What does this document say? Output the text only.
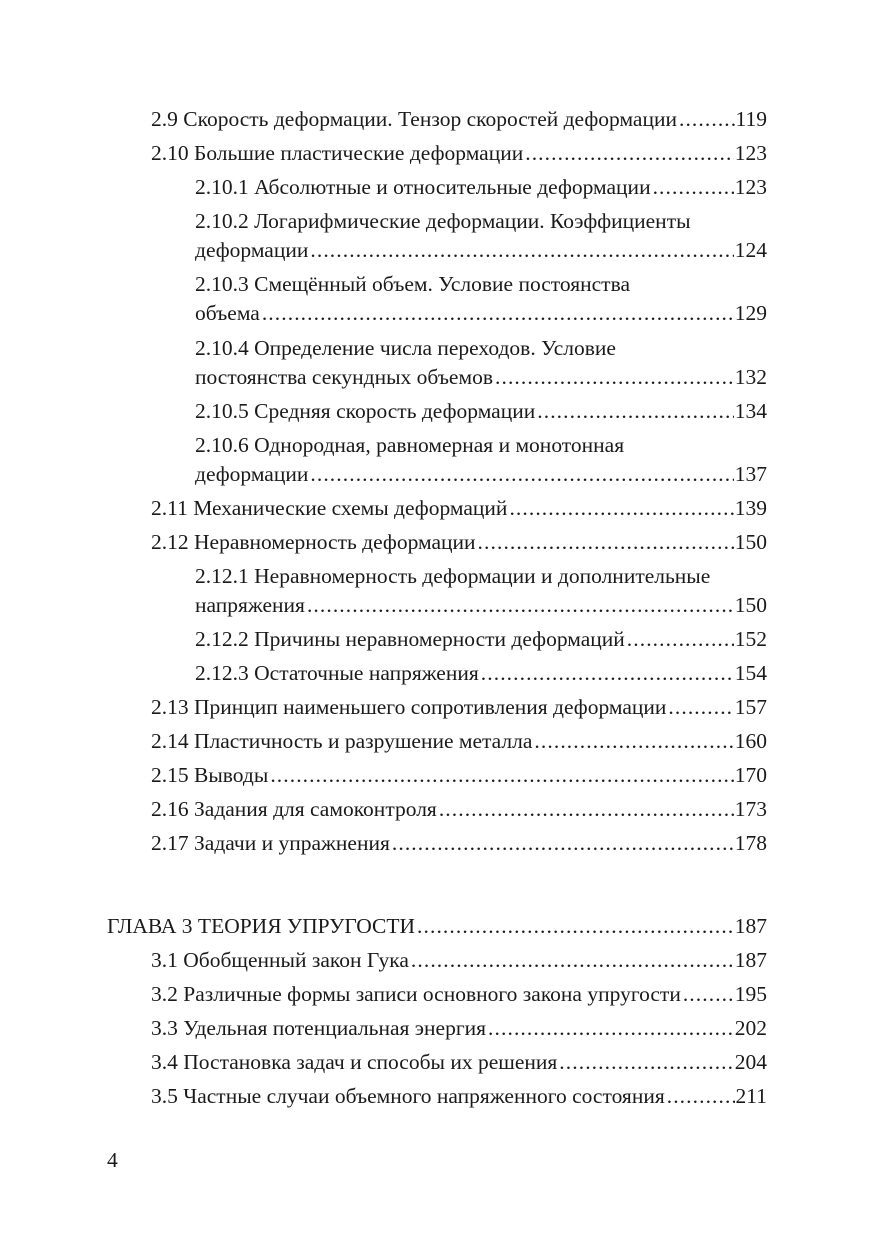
2.9 Скорость деформации. Тензор скоростей деформации .....	119
2.10 Большие пластические деформации .....	123
2.10.1 Абсолютные и относительные деформации .....	123
2.10.2 Логарифмические деформации. Коэффициенты
деформации .....	124
2.10.3 Смещённый объем. Условие постоянства
объема .....	129
2.10.4 Определение числа переходов. Условие
постоянства секундных объемов .....	132
2.10.5 Средняя скорость деформации .....	134
2.10.6 Однородная, равномерная и монотонная
деформации .....	137
2.11 Механические схемы деформаций .....	139
2.12 Неравномерность деформации .....	150
2.12.1 Неравномерность деформации и дополнительные
напряжения .....	150
2.12.2 Причины неравномерности деформаций .....	152
2.12.3 Остаточные напряжения .....	154
2.13 Принцип наименьшего сопротивления деформации .....	157
2.14 Пластичность и разрушение металла .....	160
2.15 Выводы .....	170
2.16 Задания для самоконтроля .....	173
2.17 Задачи и упражнения .....	178
ГЛАВА 3 ТЕОРИЯ УПРУГОСТИ .....	187
3.1 Обобщенный закон Гука .....	187
3.2 Различные формы записи основного закона упругости .....	195
3.3 Удельная потенциальная энергия .....	202
3.4 Постановка задач и способы их решения .....	204
3.5 Частные случаи объемного напряженного состояния .....	211
4
